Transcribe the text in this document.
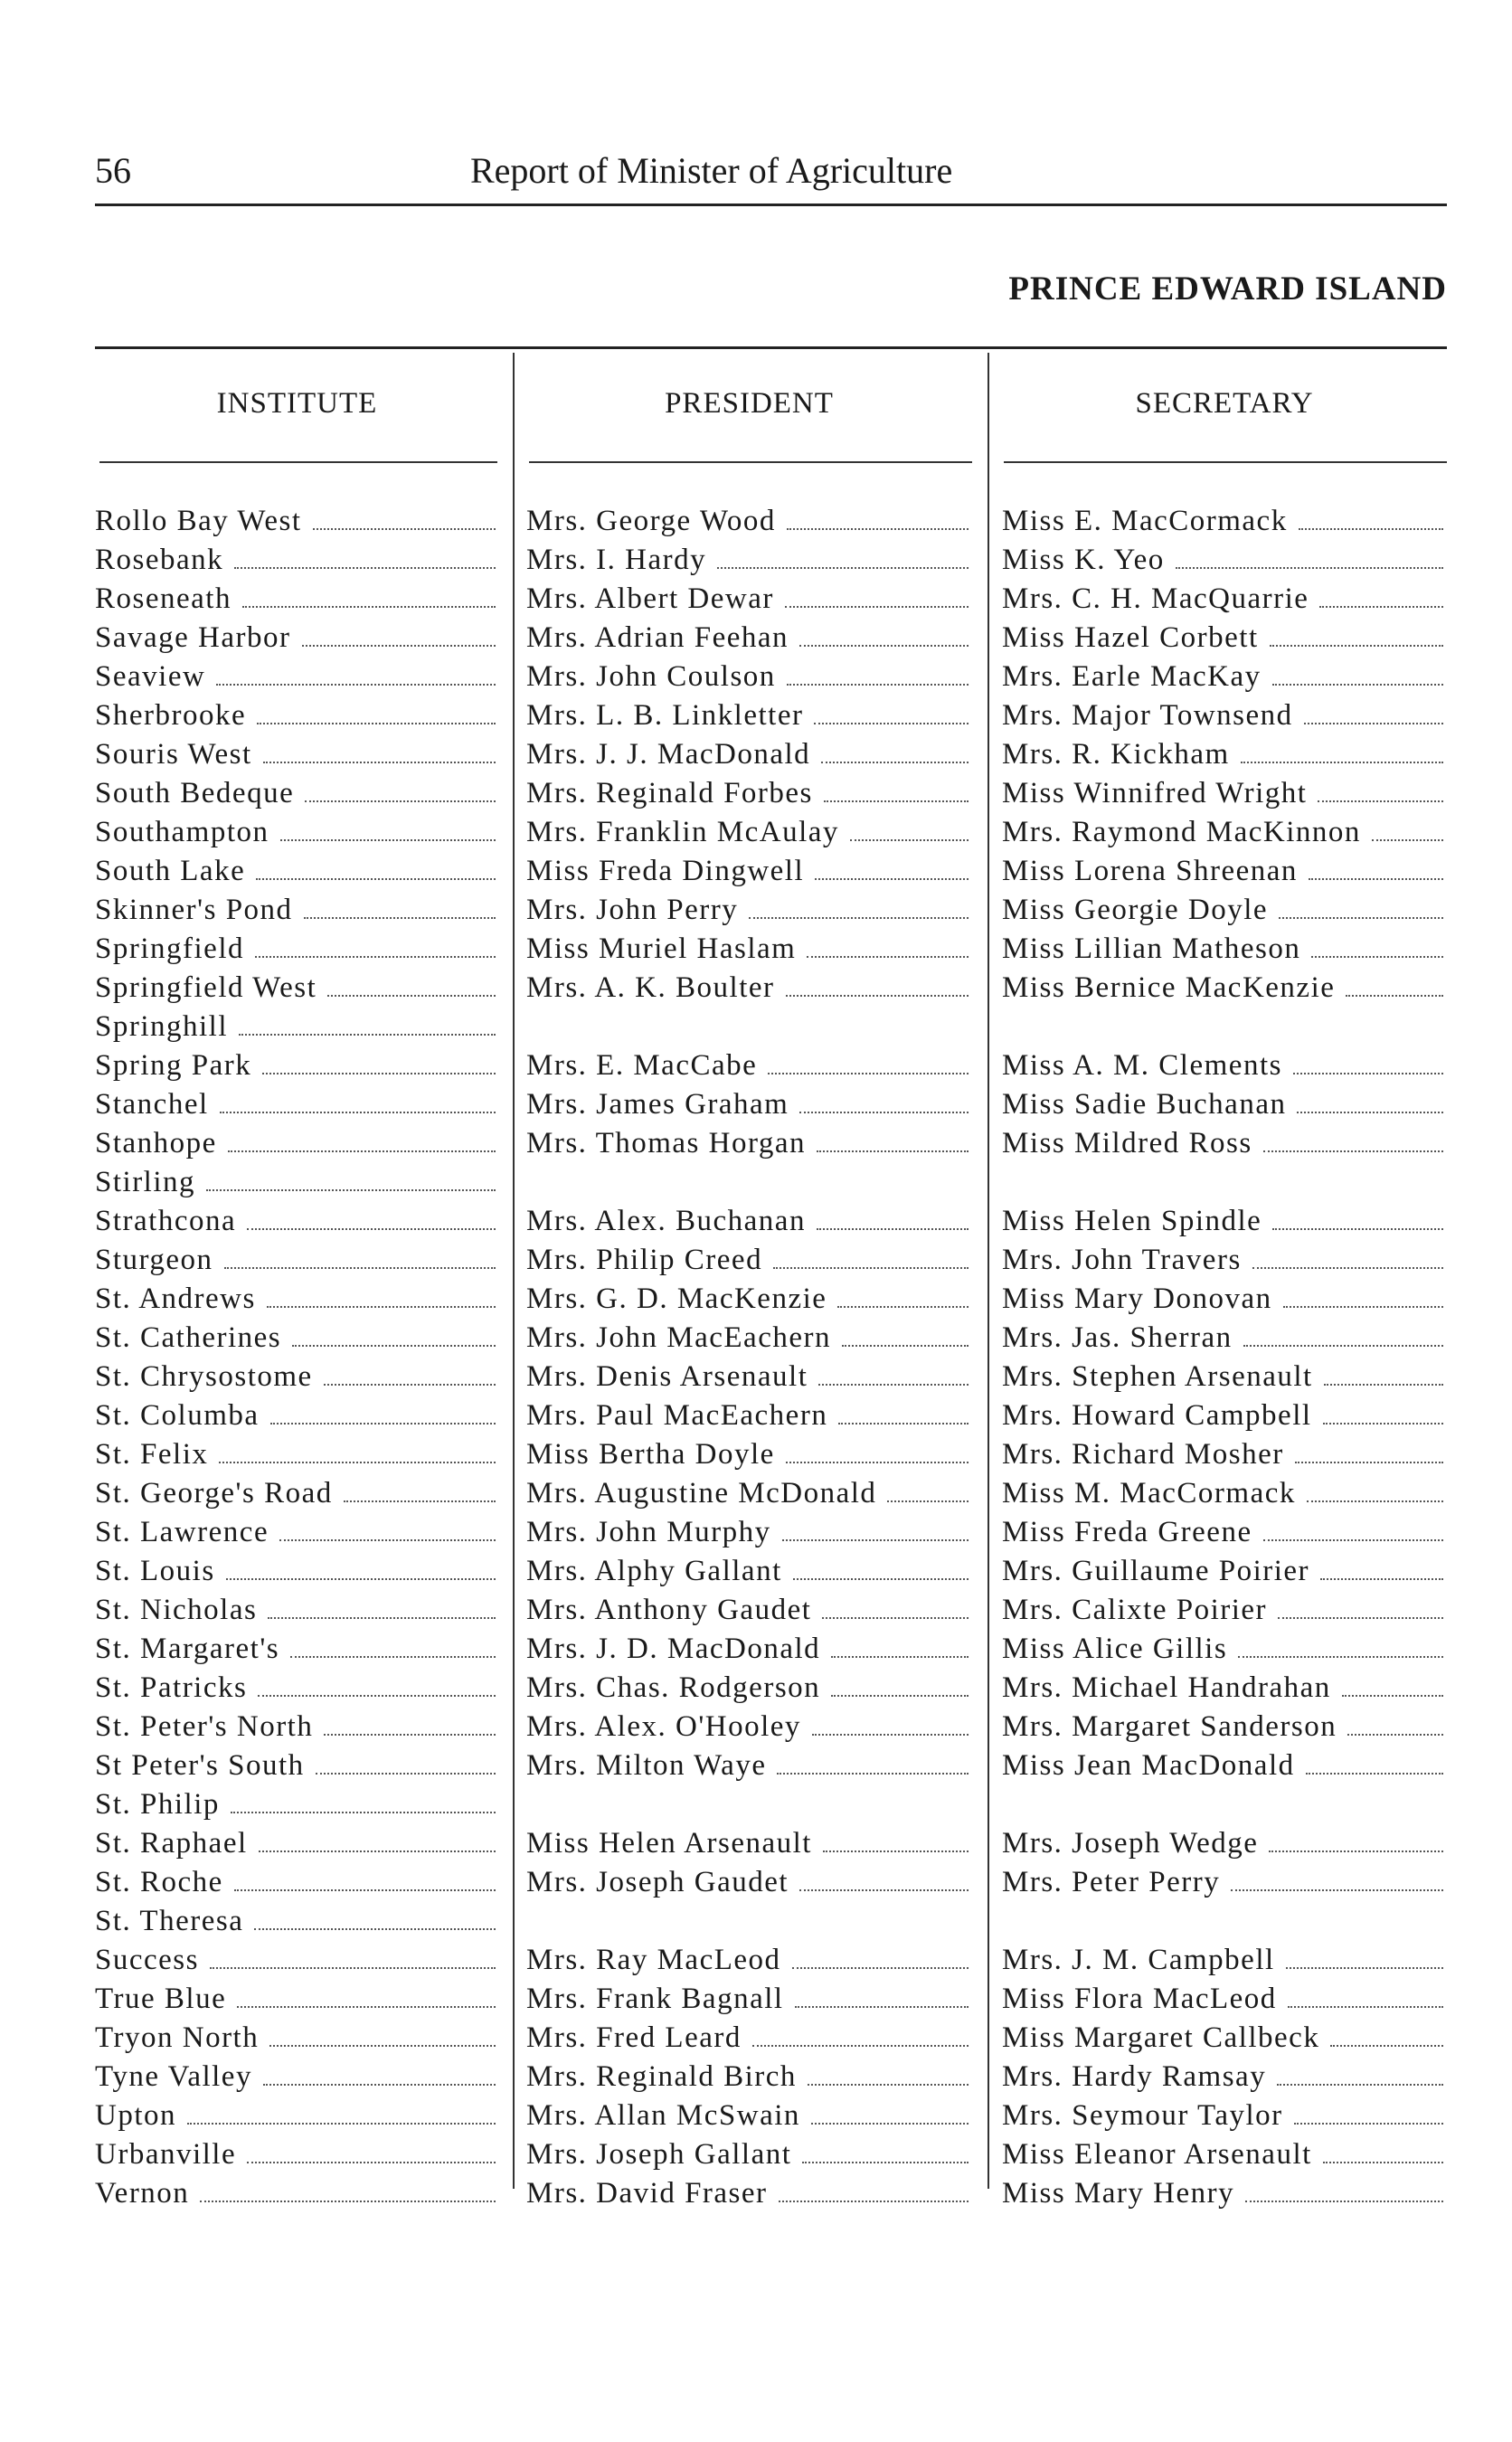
56	Report of Minister of Agriculture
PRINCE EDWARD ISLAND
INSTITUTE	PRESIDENT	SECRETARY
Rollo Bay West	Mrs. George Wood	Miss E. MacCormack
Rosebank	Mrs. I. Hardy	Miss K. Yeo
Roseneath	Mrs. Albert Dewar	Mrs. C. H. MacQuarrie
Savage Harbor	Mrs. Adrian Feehan	Miss Hazel Corbett
Seaview	Mrs. John Coulson	Mrs. Earle MacKay
Sherbrooke	Mrs. L. B. Linkletter	Mrs. Major Townsend
Souris West	Mrs. J. J. MacDonald	Mrs. R. Kickham
South Bedeque	Mrs. Reginald Forbes	Miss Winnifred Wright
Southampton	Mrs. Franklin McAulay	Mrs. Raymond MacKinnon
South Lake	Miss Freda Dingwell	Miss Lorena Shreenan
Skinner's Pond	Mrs. John Perry	Miss Georgie Doyle
Springfield	Miss Muriel Haslam	Miss Lillian Matheson
Springfield West	Mrs. A. K. Boulter	Miss Bernice MacKenzie
Springhill
Spring Park	Mrs. E. MacCabe	Miss A. M. Clements
Stanchel	Mrs. James Graham	Miss Sadie Buchanan
Stanhope	Mrs. Thomas Horgan	Miss Mildred Ross
Stirling
Strathcona	Mrs. Alex. Buchanan	Miss Helen Spindle
Sturgeon	Mrs. Philip Creed	Mrs. John Travers
St. Andrews	Mrs. G. D. MacKenzie	Miss Mary Donovan
St. Catherines	Mrs. John MacEachern	Mrs. Jas. Sherran
St. Chrysostome	Mrs. Denis Arsenault	Mrs. Stephen Arsenault
St. Columba	Mrs. Paul MacEachern	Mrs. Howard Campbell
St. Felix	Miss Bertha Doyle	Mrs. Richard Mosher
St. George's Road	Mrs. Augustine McDonald	Miss M. MacCormack
St. Lawrence	Mrs. John Murphy	Miss Freda Greene
St. Louis	Mrs. Alphy Gallant	Mrs. Guillaume Poirier
St. Nicholas	Mrs. Anthony Gaudet	Mrs. Calixte Poirier
St. Margaret's	Mrs. J. D. MacDonald	Miss Alice Gillis
St. Patricks	Mrs. Chas. Rodgerson	Mrs. Michael Handrahan
St. Peter's North	Mrs. Alex. O'Hooley	Mrs. Margaret Sanderson
St Peter's South	Mrs. Milton Waye	Miss Jean MacDonald
St. Philip
St. Raphael	Miss Helen Arsenault	Mrs. Joseph Wedge
St. Roche	Mrs. Joseph Gaudet	Mrs. Peter Perry
St. Theresa
Success	Mrs. Ray MacLeod	Mrs. J. M. Campbell
True Blue	Mrs. Frank Bagnall	Miss Flora MacLeod
Tryon North	Mrs. Fred Leard	Miss Margaret Callbeck
Tyne Valley	Mrs. Reginald Birch	Mrs. Hardy Ramsay
Upton	Mrs. Allan McSwain	Mrs. Seymour Taylor
Urbanville	Mrs. Joseph Gallant	Miss Eleanor Arsenault
Vernon	Mrs. David Fraser	Miss Mary Henry
